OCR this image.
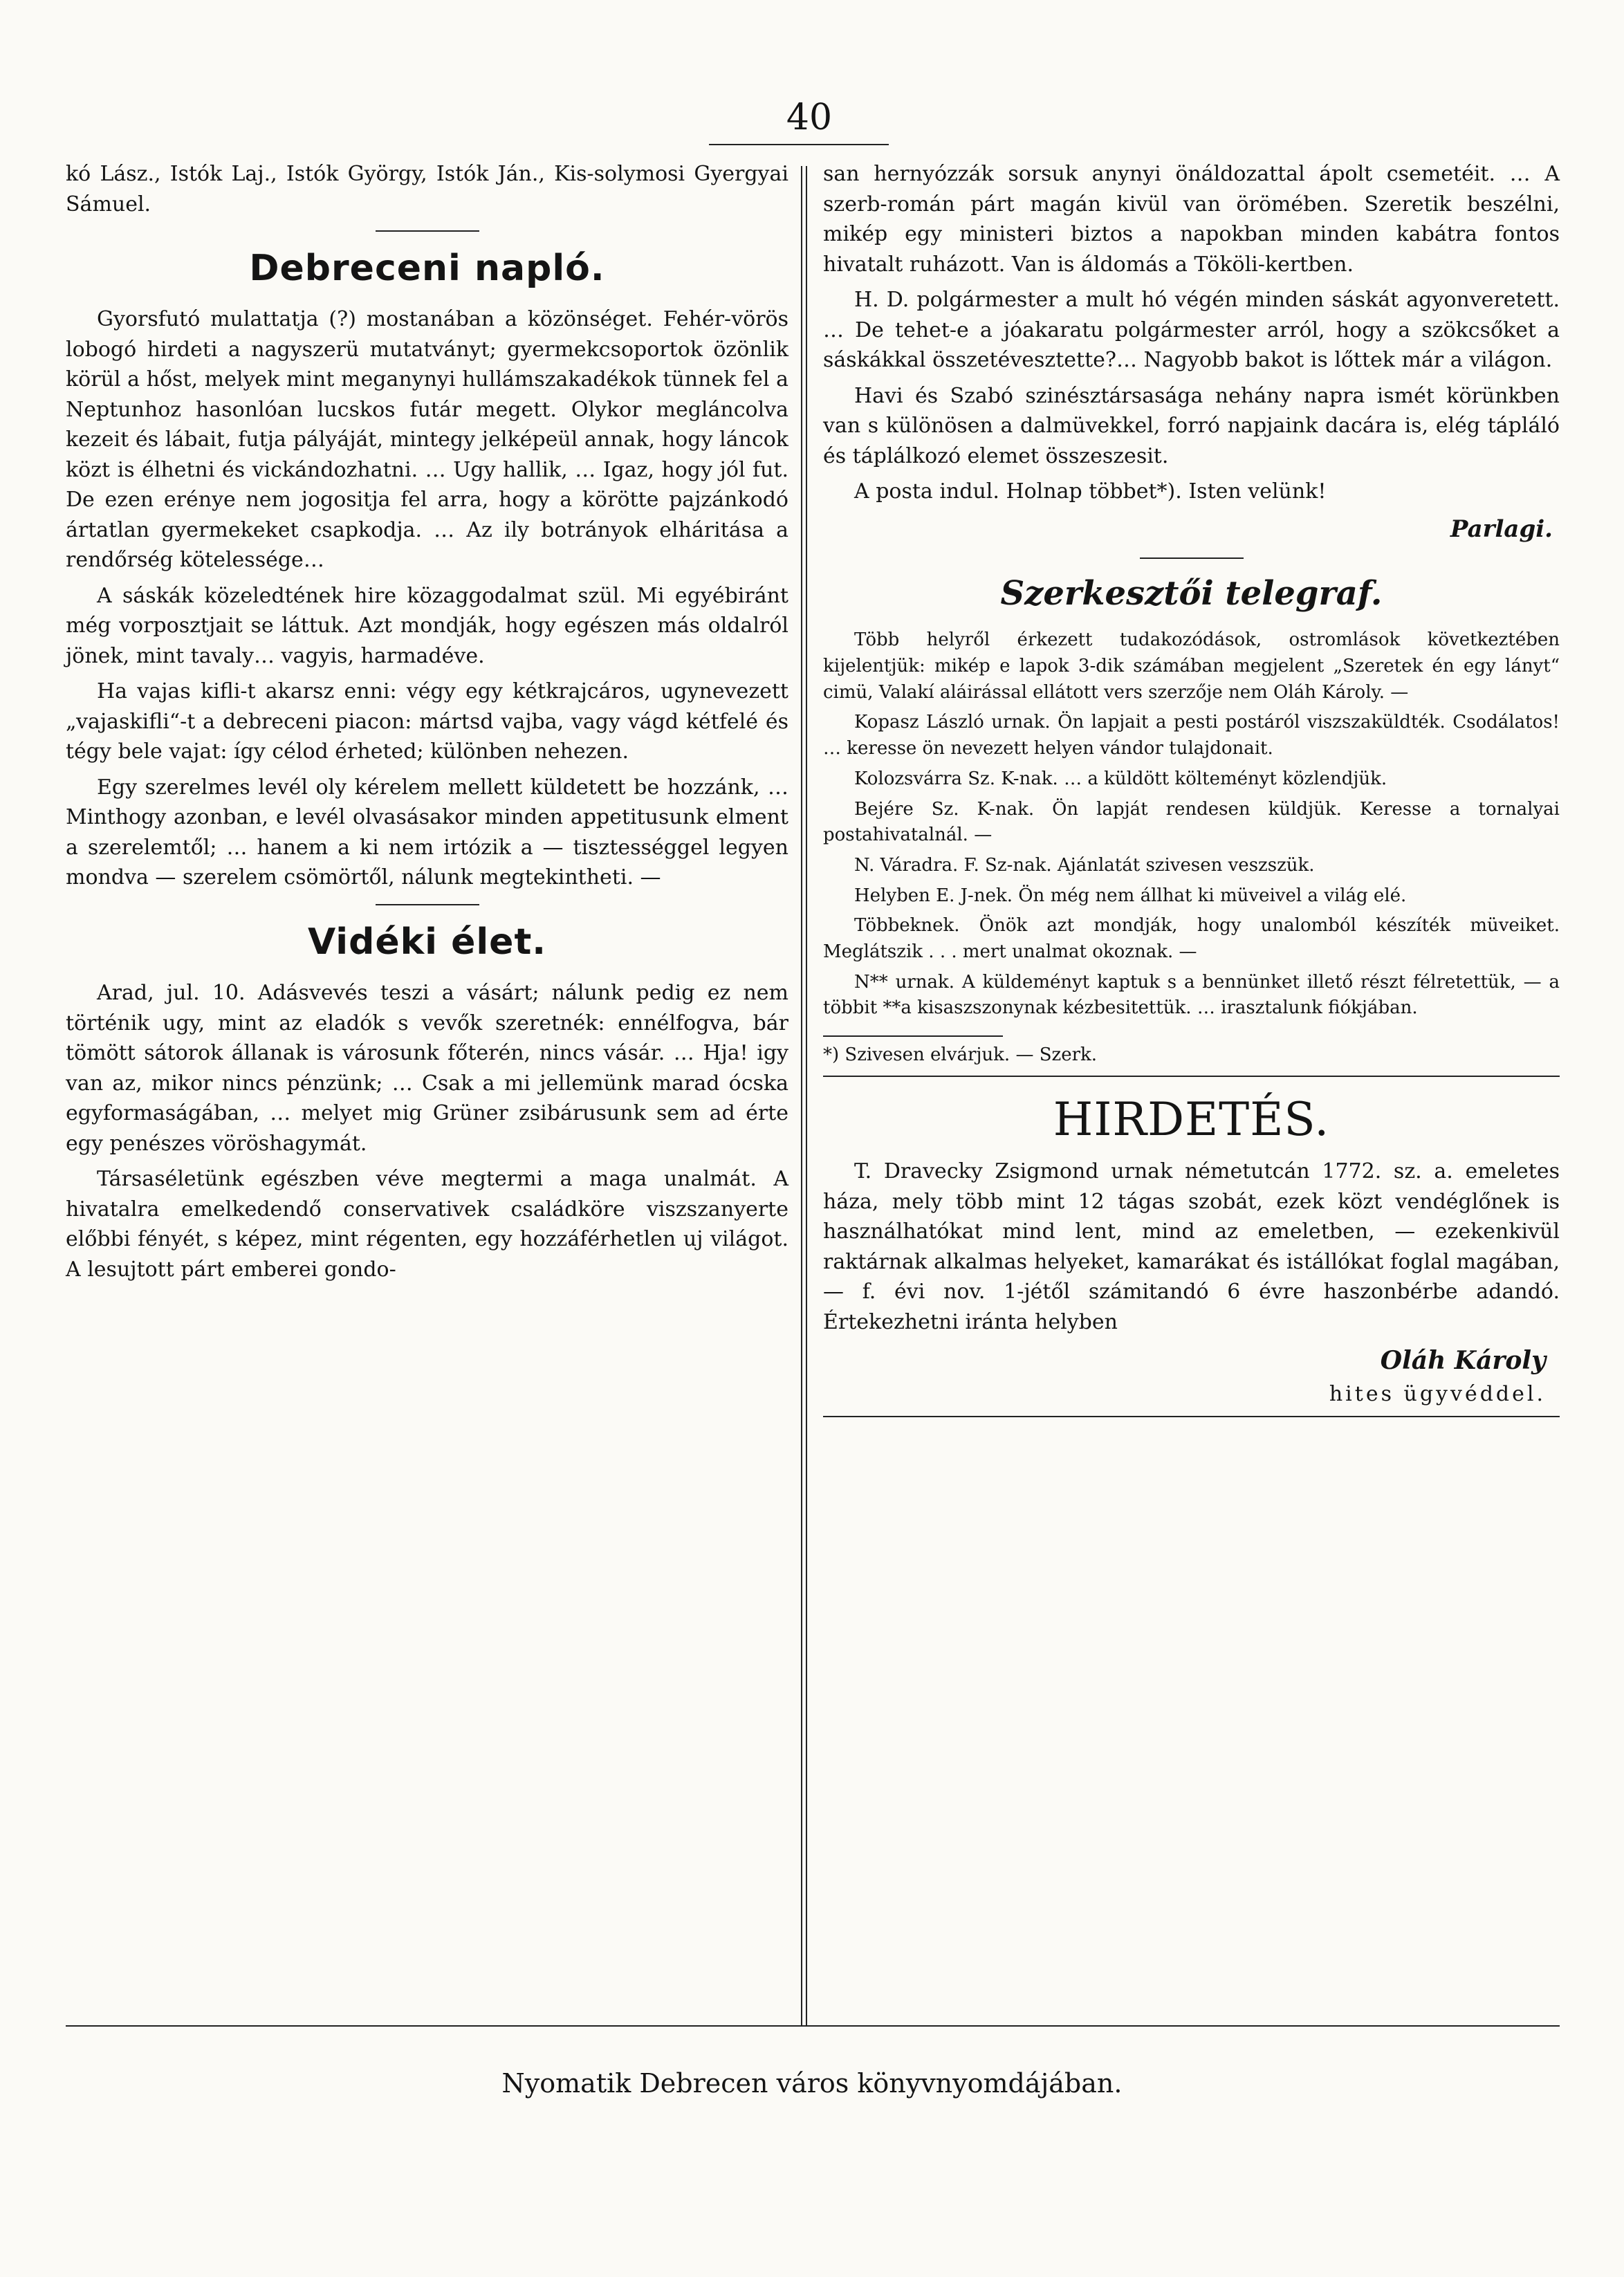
40

kó Lász., Istók Laj., Istók György, Istók Ján., Kis-solymosi Gyergyai Sámuel.

Debreceni napló.

Gyorsfutó mulattatja (?) mostanában a közönséget. Fehér-vörös lobogó hirdeti a nagyszerü mutatványt; gyermekcsoportok özönlik körül a hőst, melyek mint meganynyi hullámszakadékok tünnek fel a Neptunhoz hasonlóan lucskos futár megett. Olykor megláncolva kezeit és lábait, futja pályáját, mintegy jelképeül annak, hogy láncok közt is élhetni és vickándozhatni. … Ugy hallik, … Igaz, hogy jól fut. De ezen erénye nem jogositja fel arra, hogy a körötte pajzánkodó ártatlan gyermekeket csapkodja. … Az ily botrányok elháritása a rendőrség kötelessége…

A sáskák közeledtének hire közaggodalmat szül. Mi egyébiránt még vorposztjait se láttuk. Azt mondják, hogy egészen más oldalról jönek, mint tavaly… vagyis, harmadéve.

Ha vajas kifli-t akarsz enni: végy egy kétkrajcáros, ugynevezett „vajaskifli“-t a debreceni piacon: mártsd vajba, vagy vágd kétfelé és tégy bele vajat: így célod érheted; különben nehezen.

Egy szerelmes levél oly kérelem mellett küldetett be hozzánk, … Minthogy azonban, e levél olvasásakor minden appetitusunk elment a szerelemtől; … hanem a ki nem irtózik a — tisztességgel legyen mondva — szerelem csömörtől, nálunk megtekintheti. —

Vidéki élet.

Arad, jul. 10. Adásvevés teszi a vásárt; nálunk pedig ez nem történik ugy, mint az eladók s vevők szeretnék: ennélfogva, bár tömött sátorok állanak is városunk főterén, nincs vásár. … Hja! igy van az, mikor nincs pénzünk; … Csak a mi jellemünk marad ócska egyformaságában, … melyet mig Grüner zsibárusunk sem ad érte egy penészes vöröshagymát.

Társaséletünk egészben véve megtermi a maga unalmát. A hivatalra emelkedendő conservativek családköre viszszanyerte előbbi fényét, s képez, mint régenten, egy hozzáférhetlen uj világot. A lesujtott párt emberei gondo-

san hernyózzák sorsuk anynyi önáldozattal ápolt csemetéit. … A szerb-román párt magán kivül van örömében. Szeretik beszélni, mikép egy ministeri biztos a napokban minden kabátra fontos hivatalt ruházott. Van is áldomás a Tököli-kertben.

H. D. polgármester a mult hó végén minden sáskát agyonveretett. … De tehet-e a jóakaratu polgármester arról, hogy a szökcsőket a sáskákkal összetévesztette?… Nagyobb bakot is lőttek már a világon.

Havi és Szabó szinésztársasága nehány napra ismét körünkben van s különösen a dalmüvekkel, forró napjaink dacára is, elég tápláló és táplálkozó elemet összeszesit.

A posta indul. Holnap többet*). Isten velünk!

Parlagi.
Szerkesztői telegraf.

Több helyről érkezett tudakozódások, ostromlások következtében kijelentjük: mikép e lapok 3-dik számában megjelent „Szeretek én egy lányt“ cimü, Valakí aláirással ellátott vers szerzője nem Oláh Károly. —

Kopasz László urnak. Ön lapjait a pesti postáról viszszaküldték. Csodálatos! … keresse ön nevezett helyen vándor tulajdonait.

Kolozsvárra Sz. K-nak. … a küldött költeményt közlendjük.

Bejére Sz. K-nak. Ön lapját rendesen küldjük. Keresse a tornalyai postahivatalnál. —

N. Váradra. F. Sz-nak. Ajánlatát szivesen veszszük.

Helyben E. J-nek. Ön még nem állhat ki müveivel a világ elé.

Többeknek. Önök azt mondják, hogy unalomból készíték müveiket. Meglátszik . . . mert unalmat okoznak. —

N** urnak. A küldeményt kaptuk s a bennünket illető részt félretettük, — a többit **a kisaszszonynak kézbesitettük. … irasztalunk fiókjában.

*) Szivesen elvárjuk. — Szerk.

HIRDETÉS.

T. Dravecky Zsigmond urnak németutcán 1772. sz. a. emeletes háza, mely több mint 12 tágas szobát, ezek közt vendéglőnek is használhatókat mind lent, mind az emeletben, — ezekenkivül raktárnak alkalmas helyeket, kamarákat és istállókat foglal magában, — f. évi nov. 1-jétől számitandó 6 évre haszonbérbe adandó. Értekezhetni iránta helyben

Oláh Károly
hites ügyvéddel.
Nyomatik Debrecen város könyvnyomdájában.
